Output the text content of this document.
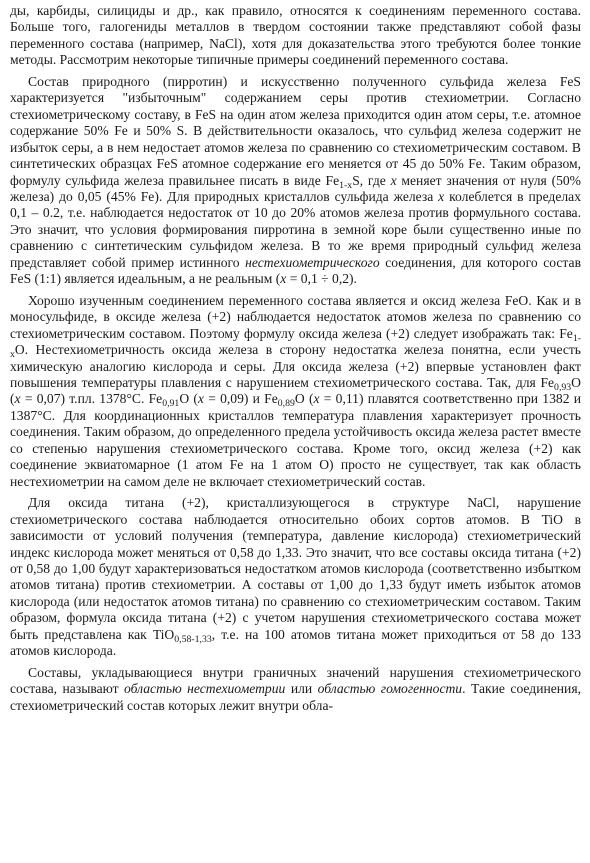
ды, карбиды, силициды и др., как правило, относятся к соединениям переменного состава. Больше того, галогениды металлов в твердом состоянии также представляют собой фазы переменного состава (например, NaCl), хотя для доказательства этого требуются более тонкие методы. Рассмотрим некоторые типичные примеры соединений переменного состава.

Состав природного (пирротин) и искусственно полученного сульфида железа FeS характеризуется "избыточным" содержанием серы против стехиометрии. Согласно стехиометрическому составу, в FeS на один атом железа приходится один атом серы, т.е. атомное содержание 50% Fe и 50% S. В действительности оказалось, что сульфид железа содержит не избыток серы, а в нем недостает атомов железа по сравнению со стехиометрическим составом. В синтетических образцах FeS атомное содержание его меняется от 45 до 50% Fe. Таким образом, формулу сульфида железа правильнее писать в виде $Fe_{1-x}S$, где x меняет значения от нуля (50% железа) до 0,05 (45% Fe). Для природных кристаллов сульфида железа x колеблется в пределах 0,1 – 0.2, т.е. наблюдается недостаток от 10 до 20% атомов железа против формульного состава. Это значит, что условия формирования пирротина в земной коре были существенно иные по сравнению с синтетическим сульфидом железа. В то же время природный сульфид железа представляет собой пример истинного нестехиометрического соединения, для которого состав FeS (1:1) является идеальным, а не реальным (x = 0,1 ÷ 0,2).

Хорошо изученным соединением переменного состава является и оксид железа FeO. Как и в моносульфиде, в оксиде железа (+2) наблюдается недостаток атомов железа по сравнению со стехиометрическим составом. Поэтому формулу оксида железа (+2) следует изображать так: $Fe_{1-x}O$. Нестехиометричность оксида железа в сторону недостатка железа понятна, если учесть химическую аналогию кислорода и серы. Для оксида железа (+2) впервые установлен факт повышения температуры плавления с нарушением стехиометрического состава. Так, для $Fe_{0,93}O$ (x = 0,07) т.пл. 1378°С. $Fe_{0,91}O$ (x = 0,09) и $Fe_{0,89}O$ (x = 0,11) плавятся соответственно при 1382 и 1387°С. Для координационных кристаллов температура плавления характеризует прочность соединения. Таким образом, до определенного предела устойчивость оксида железа растет вместе со степенью нарушения стехиометрического состава. Кроме того, оксид железа (+2) как соединение эквиатомарное (1 атом Fe на 1 атом O) просто не существует, так как область нестехиометрии на самом деле не включает стехиометрический состав.

Для оксида титана (+2), кристаллизующегося в структуре NaCl, нарушение стехиометрического состава наблюдается относительно обоих сортов атомов. В TiO в зависимости от условий получения (температура, давление кислорода) стехиометрический индекс кислорода может меняться от 0,58 до 1,33. Это значит, что все составы оксида титана (+2) от 0,58 до 1,00 будут характеризоваться недостатком атомов кислорода (соответственно избытком атомов титана) против стехиометрии. А составы от 1,00 до 1,33 будут иметь избыток атомов кислорода (или недостаток атомов титана) по сравнению со стехиометрическим составом. Таким образом, формула оксида титана (+2) с учетом нарушения стехиометрического состава может быть представлена как TiO$_{0,58-1,33}$, т.е. на 100 атомов титана может приходиться от 58 до 133 атомов кислорода.

Составы, укладывающиеся внутри граничных значений нарушения стехиометрического состава, называют областью нестехиометрии или областью гомогенности. Такие соединения, стехиометрический состав которых лежит внутри обла-
